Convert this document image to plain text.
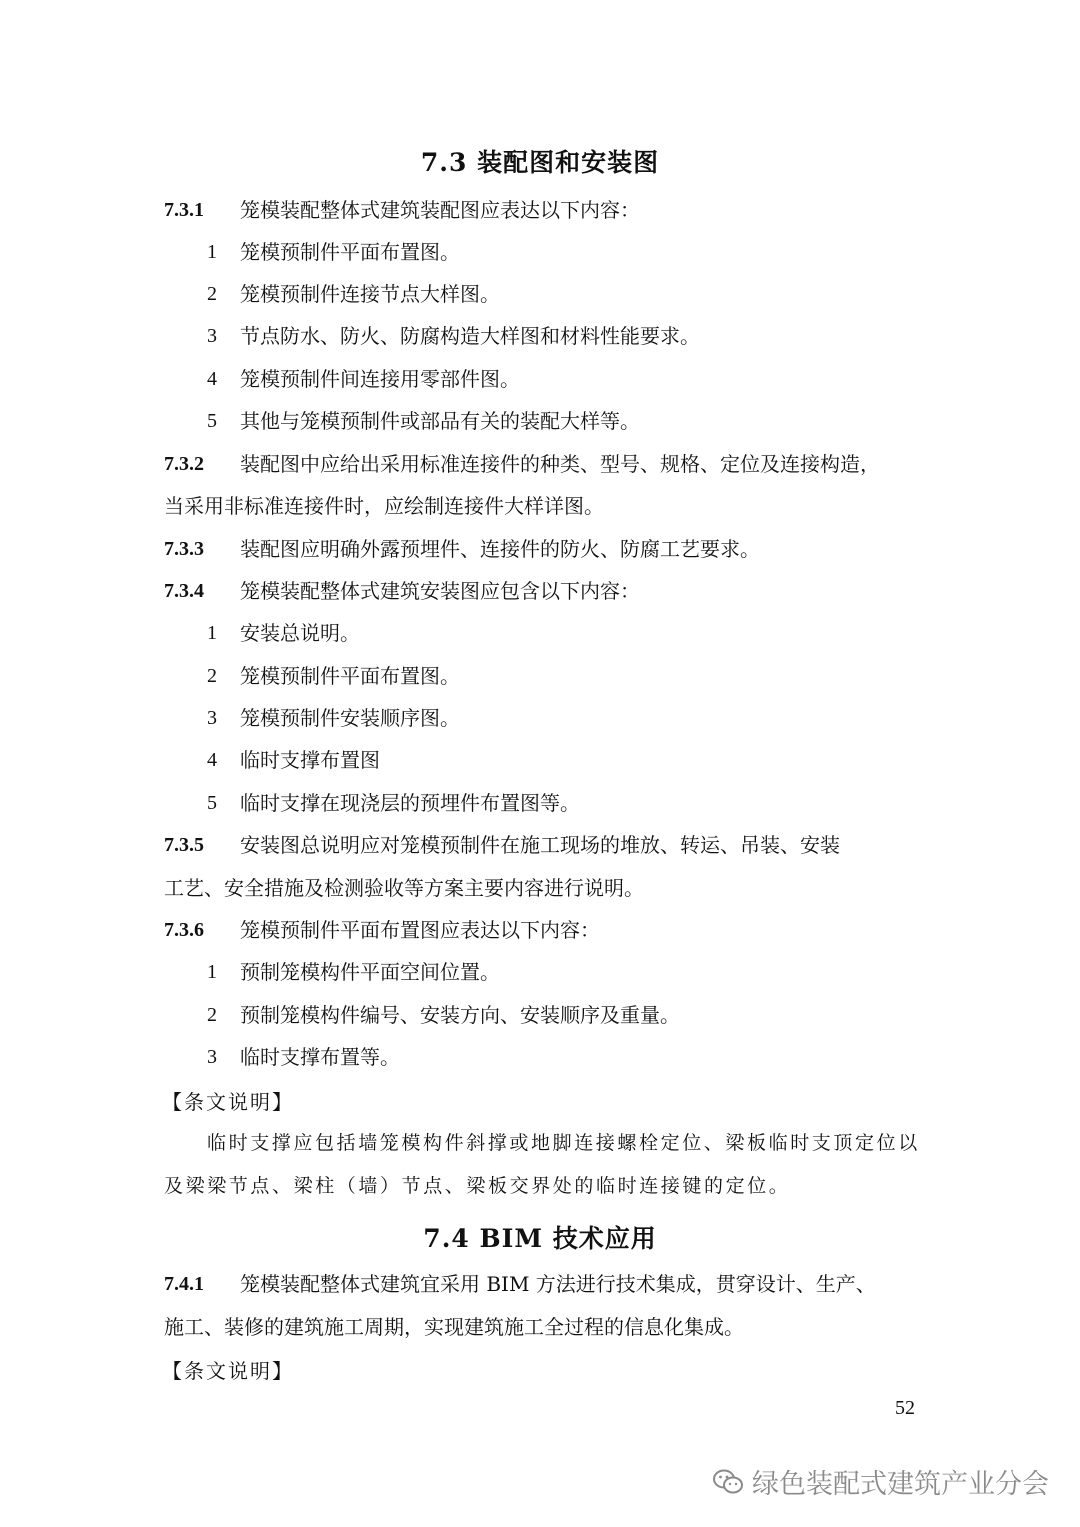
7.3 装配图和安装图
7.3.1 笼模装配整体式建筑装配图应表达以下内容：
1 笼模预制件平面布置图。
2 笼模预制件连接节点大样图。
3 节点防水、防火、防腐构造大样图和材料性能要求。
4 笼模预制件间连接用零部件图。
5 其他与笼模预制件或部品有关的装配大样等。
7.3.2 装配图中应给出采用标准连接件的种类、型号、规格、定位及连接构造，
当采用非标准连接件时，应绘制连接件大样详图。
7.3.3 装配图应明确外露预埋件、连接件的防火、防腐工艺要求。
7.3.4 笼模装配整体式建筑安装图应包含以下内容：
1 安装总说明。
2 笼模预制件平面布置图。
3 笼模预制件安装顺序图。
4 临时支撑布置图
5 临时支撑在现浇层的预埋件布置图等。
7.3.5 安装图总说明应对笼模预制件在施工现场的堆放、转运、吊装、安装
工艺、安全措施及检测验收等方案主要内容进行说明。
7.3.6 笼模预制件平面布置图应表达以下内容：
1 预制笼模构件平面空间位置。
2 预制笼模构件编号、安装方向、安装顺序及重量。
3 临时支撑布置等。
【条文说明】
临时支撑应包括墙笼模构件斜撑或地脚连接螺栓定位、梁板临时支顶定位以
及梁梁节点、梁柱（墙）节点、梁板交界处的临时连接键的定位。
7.4 BIM 技术应用
7.4.1 笼模装配整体式建筑宜采用 BIM 方法进行技术集成，贯穿设计、生产、
施工、装修的建筑施工周期，实现建筑施工全过程的信息化集成。
【条文说明】
52
绿色装配式建筑产业分会
